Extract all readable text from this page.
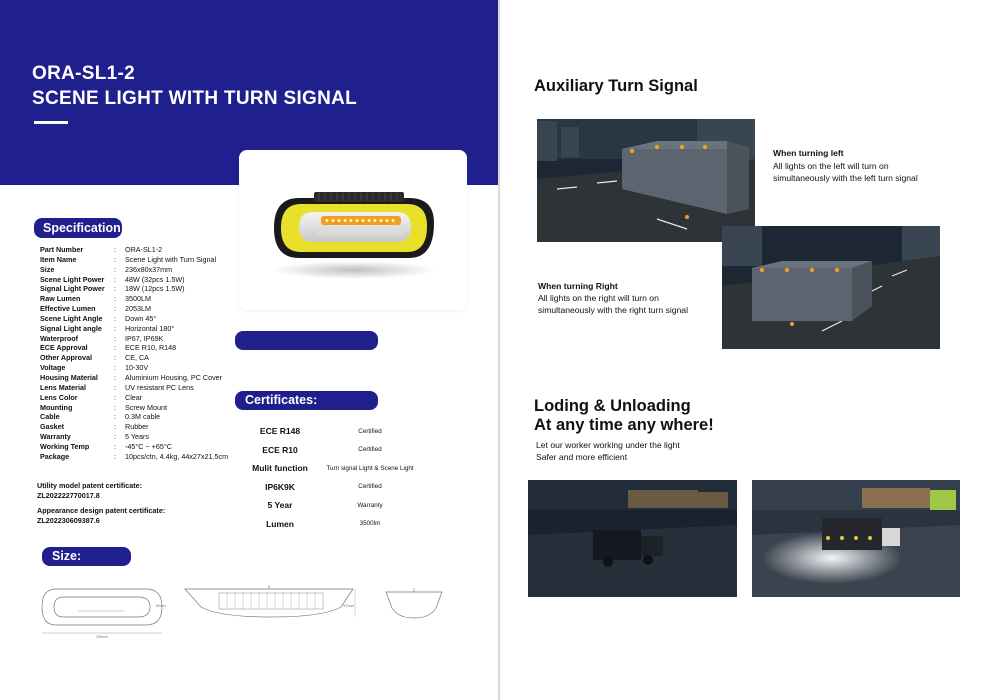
ORA-SL1-2
SCENE LIGHT WITH TURN SIGNAL
Specification:
Part Number	:	ORA-SL1-2
Item Name	:	Scene Light with Turn Signal
Size	:	236x80x37mm
Scene Light Power	:	48W (32pcs 1.5W)
Signal Light Power	:	18W (12pcs 1.5W)
Raw Lumen	:	3500LM
Effective Lumen	:	2053LM
Scene Light Angle	:	Down 45°
Signal Light angle	:	Horizontal 180°
Waterproof	:	IP67, IP69K
ECE Approval	:	ECE R10, R148
Other Approval	:	CE, CA
Voltage	:	10-30V
Housing Material	:	Aluminium Housing, PC Cover
Lens Material	:	UV resistant PC Lens
Lens Color	:	Clear
Mounting	:	Screw Mount
Cable	:	0.3M cable
Gasket	:	Rubber
Warranty	:	5 Years
Working Temp	:	-45°C ~ +65°C
Package	:	10pcs/ctn, 4.4kg, 44x27x21.5cm
Utility model patent certificate:
ZL202222770017.8
Appearance design patent certificate:
ZL202230609387.6
Certificates:
ECE R148	Certified
ECE R10	Certified
Mulit function	Turn signal Light & Scene Light
IP6K9K	Certified
5 Year	Warranty
Lumen	3500lm
Size:
236mm
80mm	37mm
Auxiliary Turn Signal
When turning left
All lights on the left will turn on simultaneously with the left turn signal
When turning Right
All lights on the right will turn on simultaneously with the right turn signal
Loding & Unloading
At any time any where!
Let our worker working under the light
Safer and more efficient
